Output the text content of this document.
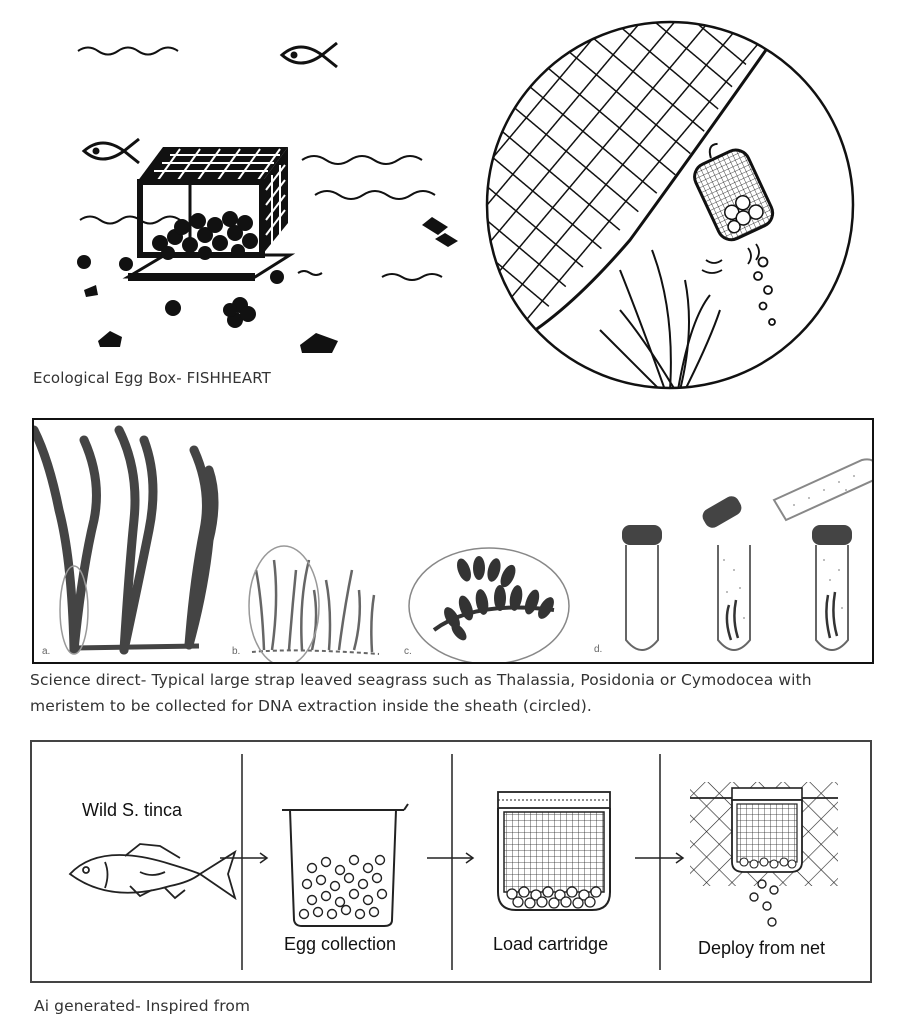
Ecological Egg Box- FISHHEART
a.	b.	c.	d.
Science direct- Typical large strap leaved seagrass such as Thalassia, Posidonia or Cymodocea with meristem to be collected for DNA extraction inside the sheath (circled).
Wild S. tinca
Egg collection	Load cartridge	Deploy from net
Ai generated- Inspired from
